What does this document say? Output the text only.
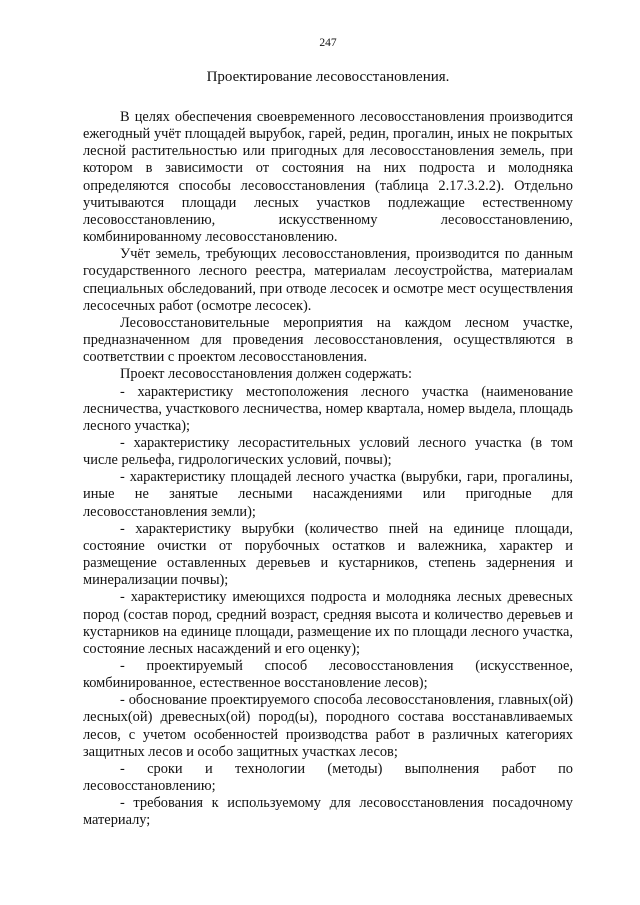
247
Проектирование лесовосстановления.

В целях обеспечения своевременного лесовосстановления производится ежегодный учёт площадей вырубок, гарей, редин, прогалин, иных не покрытых лесной растительностью или пригодных для лесовосстановления земель, при котором в зависимости от состояния на них подроста и молодняка определяются способы лесовосстановления (таблица 2.17.3.2.2). Отдельно учитываются площади лесных участков подлежащие естественному лесовосстановлению, искусственному лесовосстановлению, комбинированному лесовосстановлению.

Учёт земель, требующих лесовосстановления, производится по данным государственного лесного реестра, материалам лесоустройства, материалам специальных обследований, при отводе лесосек и осмотре мест осуществления лесосечных работ (осмотре лесосек).

Лесовосстановительные мероприятия на каждом лесном участке, предназначенном для проведения лесовосстановления, осуществляются в соответствии с проектом лесовосстановления.

Проект лесовосстановления должен содержать:

- характеристику местоположения лесного участка (наименование лесничества, участкового лесничества, номер квартала, номер выдела, площадь лесного участка);

- характеристику лесорастительных условий лесного участка (в том числе рельефа, гидрологических условий, почвы);

- характеристику площадей лесного участка (вырубки, гари, прогалины, иные не занятые лесными насаждениями или пригодные для лесовосстановления земли);

- характеристику вырубки (количество пней на единице площади, состояние очистки от порубочных остатков и валежника, характер и размещение оставленных деревьев и кустарников, степень задернения и минерализации почвы);

- характеристику имеющихся подроста и молодняка лесных древесных пород (состав пород, средний возраст, средняя высота и количество деревьев и кустарников на единице площади, размещение их по площади лесного участка, состояние лесных насаждений и его оценку);

- проектируемый способ лесовосстановления (искусственное, комбинированное, естественное восстановление лесов);

- обоснование проектируемого способа лесовосстановления, главных(ой) лесных(ой) древесных(ой) пород(ы), породного состава восстанавливаемых лесов, с учетом особенностей производства работ в различных категориях защитных лесов и особо защитных участках лесов;

- сроки и технологии (методы) выполнения работ по лесовосстановлению;

- требования к используемому для лесовосстановления посадочному материалу;
